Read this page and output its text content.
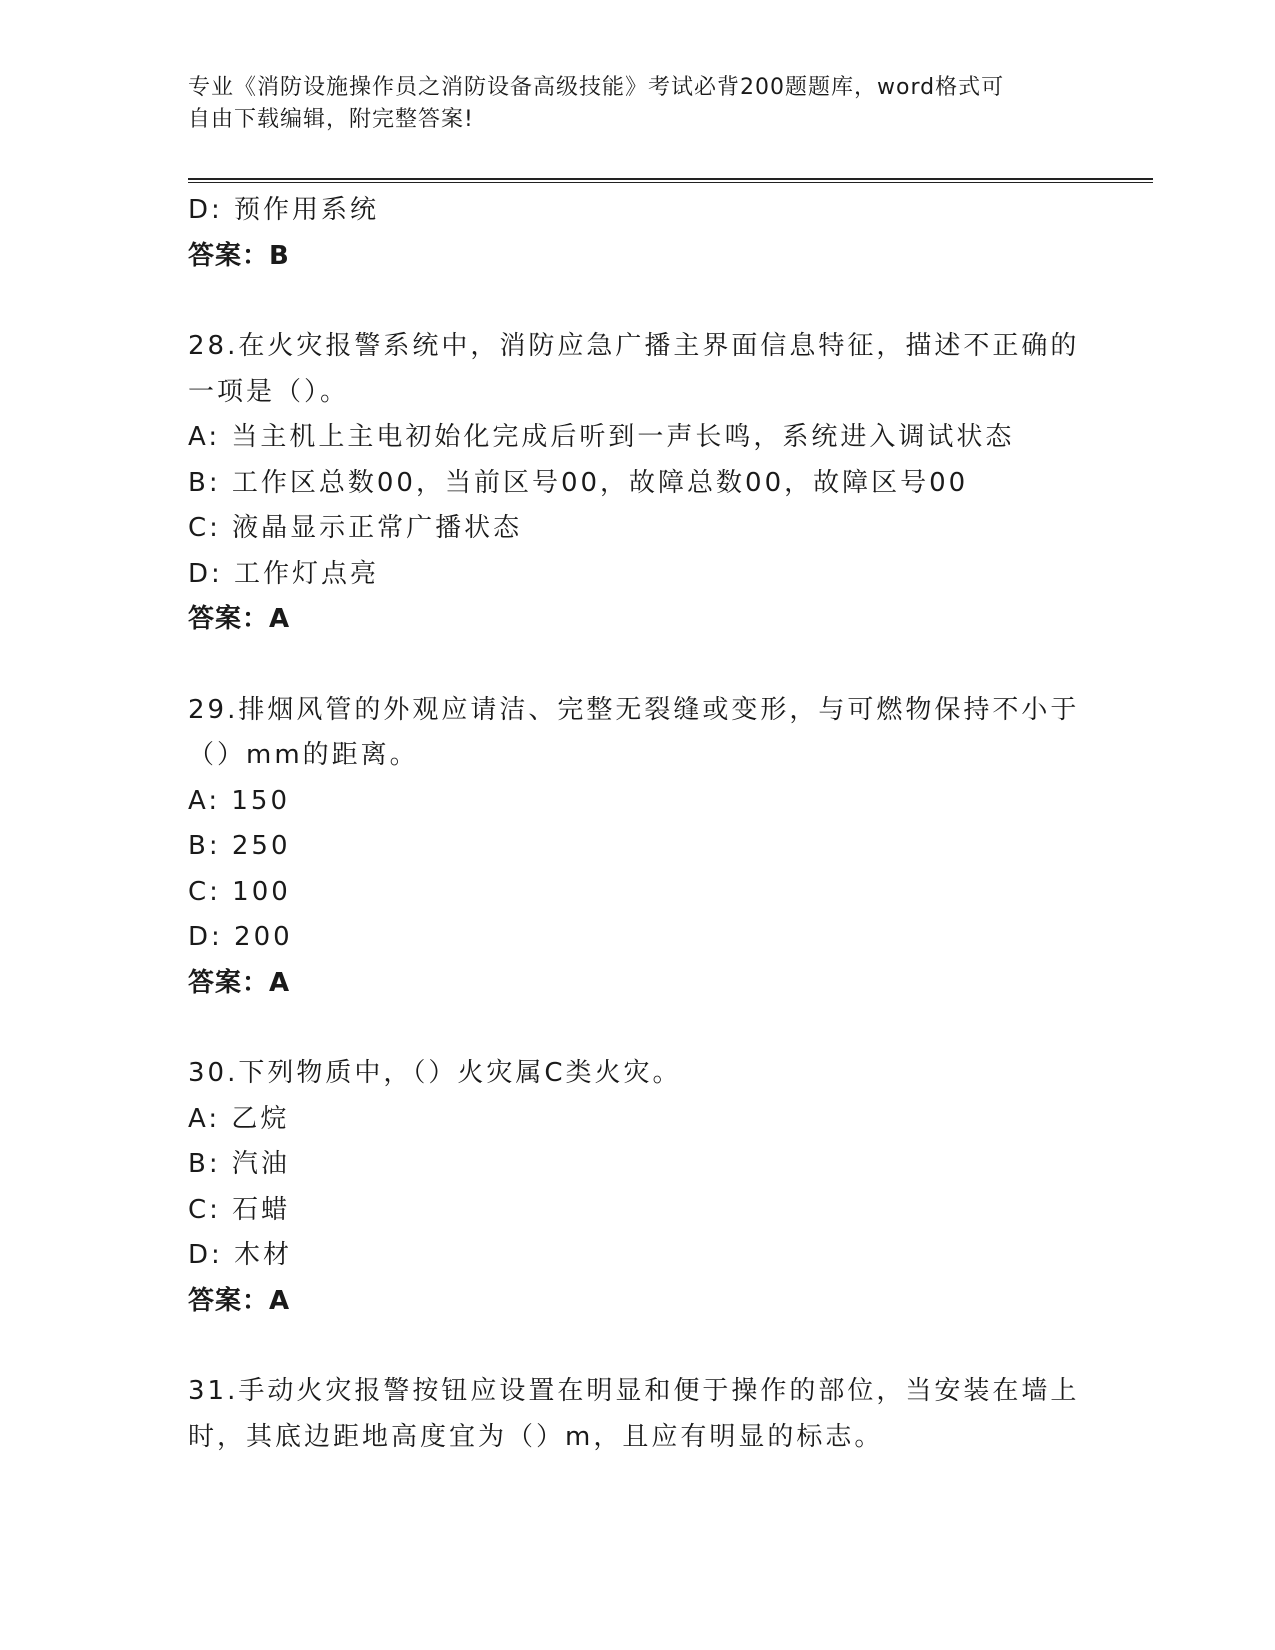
专业《消防设施操作员之消防设备高级技能》考试必背200题题库，word格式可
自由下载编辑，附完整答案!
D: 预作用系统
答案：B
28.在火灾报警系统中，消防应急广播主界面信息特征，描述不正确的
一项是（）。
A: 当主机上主电初始化完成后听到一声长鸣，系统进入调试状态
B: 工作区总数00，当前区号00，故障总数00，故障区号00
C: 液晶显示正常广播状态
D: 工作灯点亮
答案：A
29.排烟风管的外观应请洁、完整无裂缝或变形，与可燃物保持不小于
（）mm的距离。
A: 150
B: 250
C: 100
D: 200
答案：A
30.下列物质中，（）火灾属C类火灾。
A: 乙烷
B: 汽油
C: 石蜡
D: 木材
答案：A
31.手动火灾报警按钮应设置在明显和便于操作的部位，当安装在墙上
时，其底边距地高度宜为（）m，且应有明显的标志。
